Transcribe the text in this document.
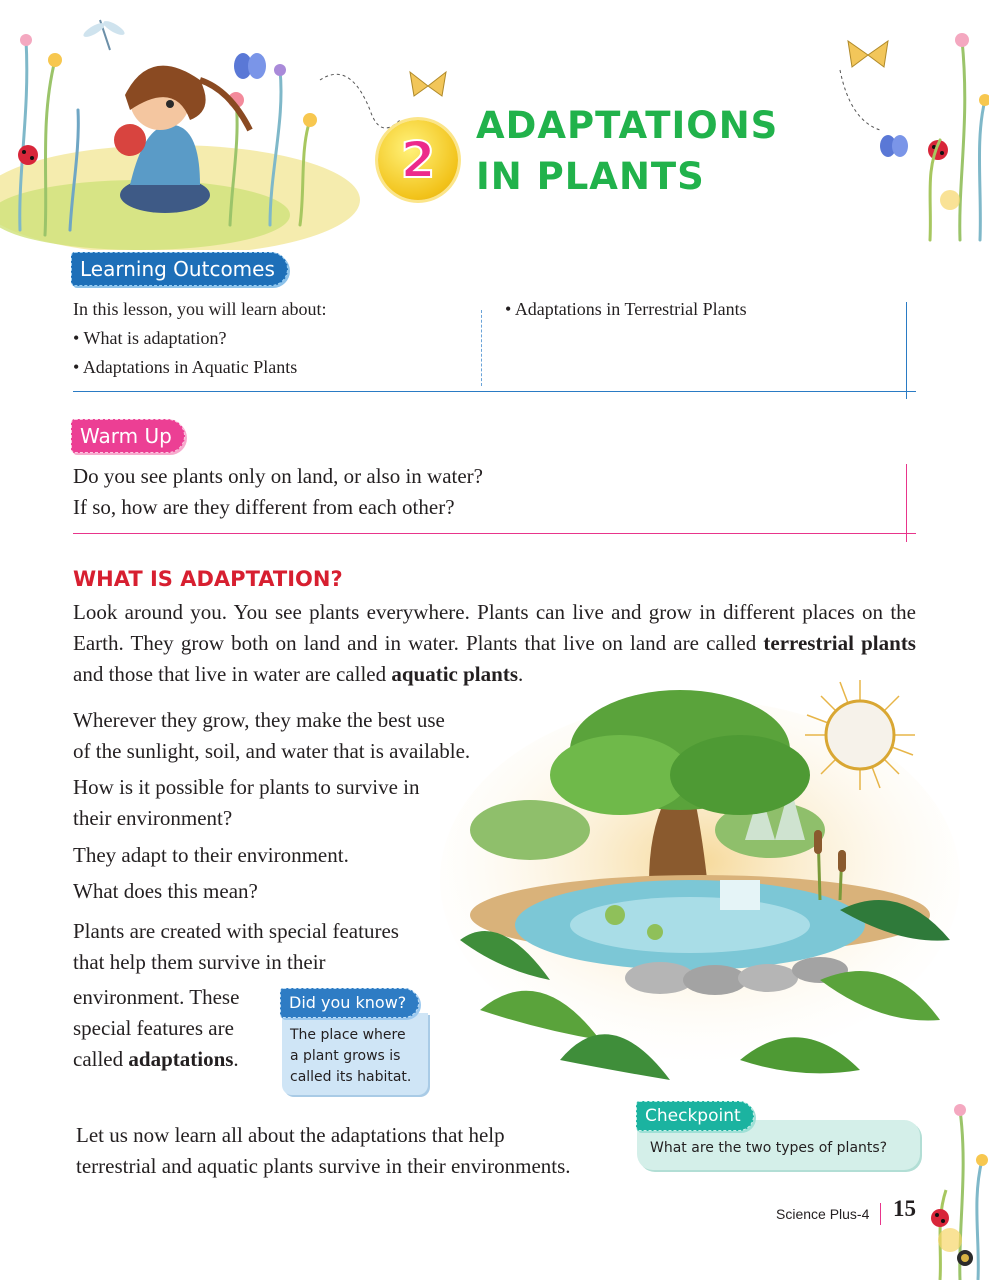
2
ADAPTATIONS
IN PLANTS
Learning Outcomes
In this lesson, you will learn about:
• What is adaptation?
• Adaptations in Aquatic Plants
• Adaptations in Terrestrial Plants
Warm Up
Do you see plants only on land, or also in water?
If so, how are they different from each other?
WHAT IS ADAPTATION?

Look around you. You see plants everywhere. Plants can live and grow in different places on the Earth. They grow both on land and in water. Plants that live on land are called terrestrial plants and those that live in water are called aquatic plants.

Wherever they grow, they make the best use
of the sunlight, soil, and water that is available.
How is it possible for plants to survive in
their environment?
They adapt to their environment.
What does this mean?
Plants are created with special features
that help them survive in their
environment. These
special features are
called adaptations.
Did you know?
The place where
a plant grows is
called its habitat.
Let us now learn all about the adaptations that help
terrestrial and aquatic plants survive in their environments.
Checkpoint
What are the two types of plants?
Science Plus-4 15
